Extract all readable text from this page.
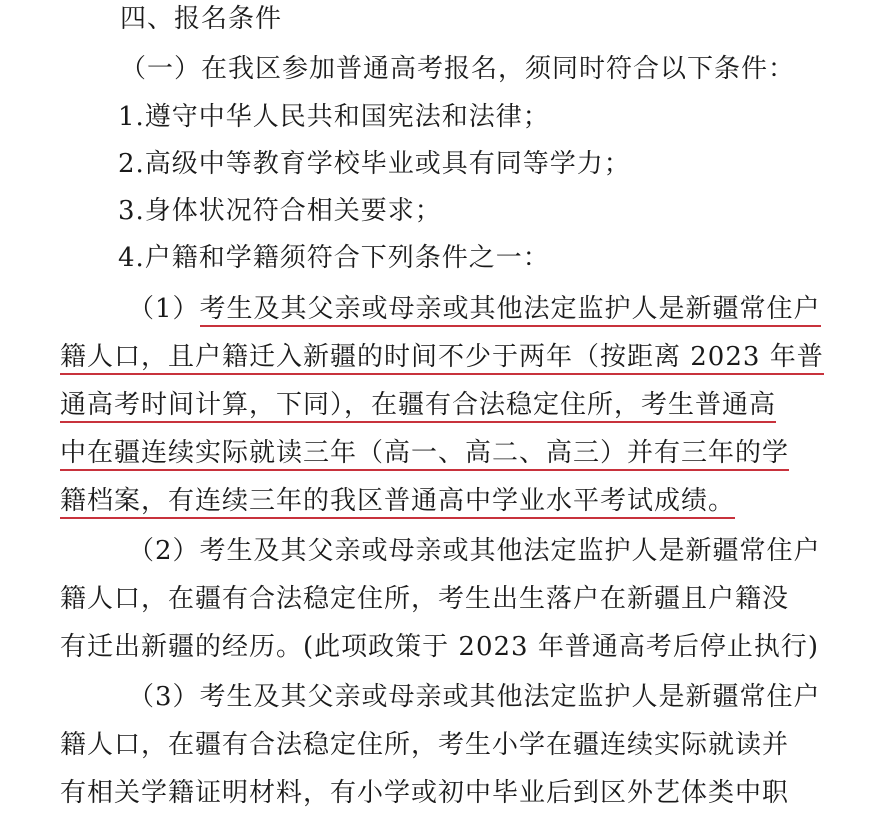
四、报名条件
（一）在我区参加普通高考报名，须同时符合以下条件：
1.遵守中华人民共和国宪法和法律；
2.高级中等教育学校毕业或具有同等学力；
3.身体状况符合相关要求；
4.户籍和学籍须符合下列条件之一：
（1）考生及其父亲或母亲或其他法定监护人是新疆常住户
籍人口，且户籍迁入新疆的时间不少于两年（按距离 2023 年普
通高考时间计算，下同），在疆有合法稳定住所，考生普通高
中在疆连续实际就读三年（高一、高二、高三）并有三年的学
籍档案，有连续三年的我区普通高中学业水平考试成绩。
（2）考生及其父亲或母亲或其他法定监护人是新疆常住户
籍人口，在疆有合法稳定住所，考生出生落户在新疆且户籍没
有迁出新疆的经历。(此项政策于 2023 年普通高考后停止执行)
（3）考生及其父亲或母亲或其他法定监护人是新疆常住户
籍人口，在疆有合法稳定住所，考生小学在疆连续实际就读并
有相关学籍证明材料，有小学或初中毕业后到区外艺体类中职
